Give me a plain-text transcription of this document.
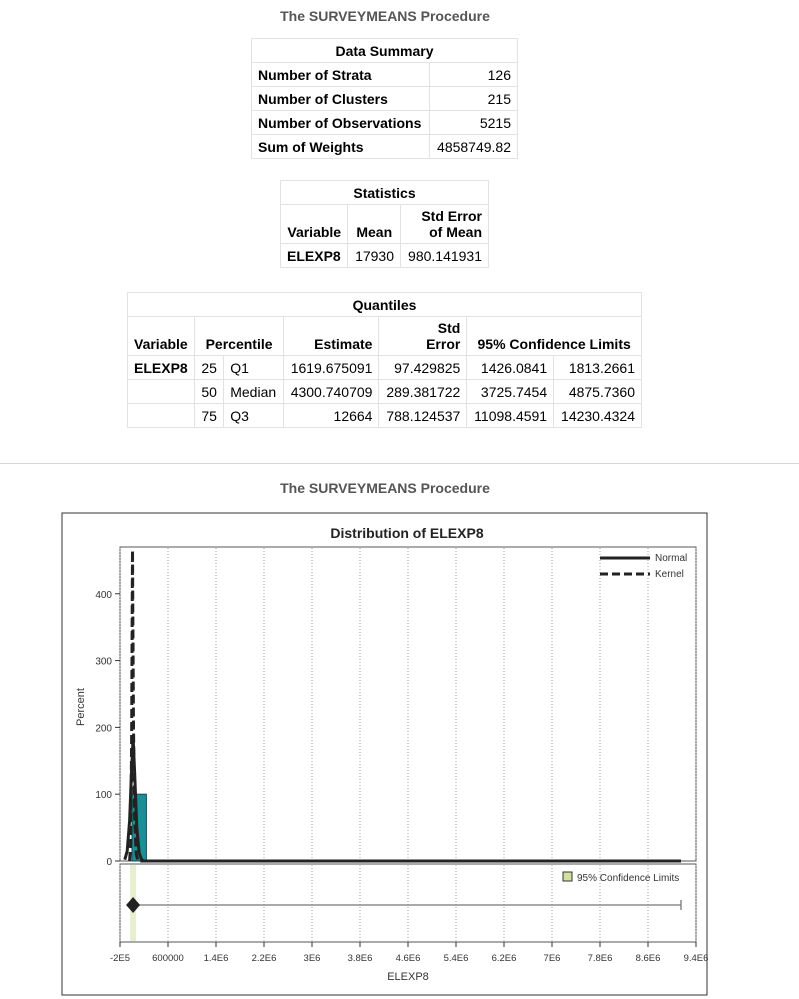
The SURVEYMEANS Procedure
Data Summary	
Number of Strata	126
Number of Clusters	215
Number of Observations	5215
Sum of Weights	4858749.82
Statistics		
Variable	Mean	Std Error
of Mean
ELEXP8	17930	980.141931
Quantiles						
Variable	Percentile		Estimate	Std
Error	95% Confidence Limits	
ELEXP8	25	Q1	1619.675091	97.429825	1426.0841	1813.2661
	50	Median	4300.740709	289.381722	3725.7454	4875.7360
	75	Q3	12664	788.124537	11098.4591	14230.4324
The SURVEYMEANS Procedure
Distribution of ELEXP8
0
100
200
300
400
-2E5 600000 1.4E6 2.2E6	3E6	3.8E6 4.6E6 5.4E6 6.2E6	7E6	7.8E6 8.6E6 9.4E6
95% Confidence Limits
Percent
ELEXP8
Normal
Kernel
